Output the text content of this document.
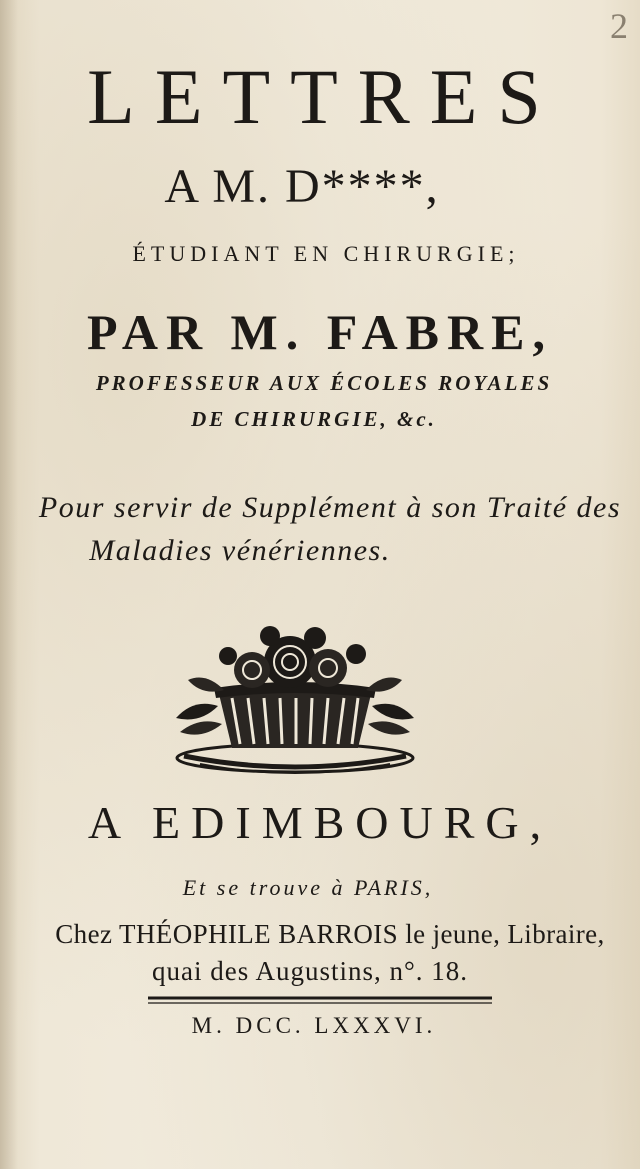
2
LETTRES
A M. D****,
ÉTUDIANT EN CHIRURGIE;
PAR M. FABRE,
PROFESSEUR AUX ÉCOLES ROYALES
DE CHIRURGIE, &c.
Pour servir de Supplément à son Traité des
Maladies vénériennes.
A EDIMBOURG,
Et se trouve à PARIS,
Chez THÉOPHILE BARROIS le jeune, Libraire,
quai des Augustins, n°. 18.
M. DCC. LXXXVI.
